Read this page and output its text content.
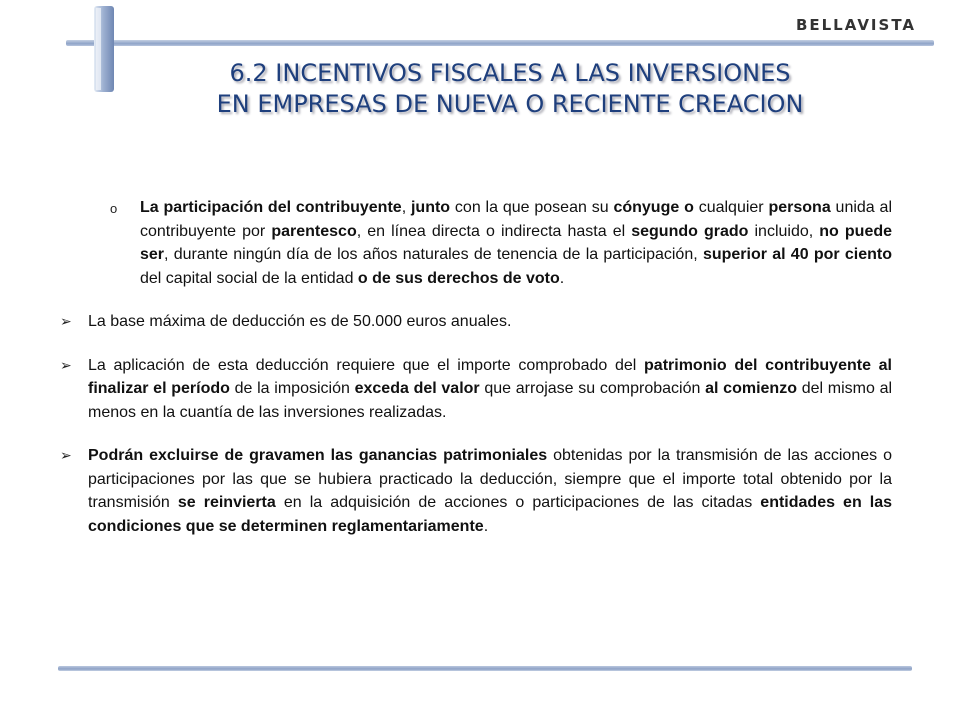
BELLAVISTA
6.2 INCENTIVOS FISCALES A LAS INVERSIONES
EN EMPRESAS DE NUEVA O RECIENTE CREACION
o La participación del contribuyente, junto con la que posean su cónyuge o cualquier persona unida al contribuyente por parentesco, en línea directa o indirecta hasta el segundo grado incluido, no puede ser, durante ningún día de los años naturales de tenencia de la participación, superior al 40 por ciento del capital social de la entidad o de sus derechos de voto.
➢ La base máxima de deducción es de 50.000 euros anuales.
➢ La aplicación de esta deducción requiere que el importe comprobado del patrimonio del contribuyente al finalizar el período de la imposición exceda del valor que arrojase su comprobación al comienzo del mismo al menos en la cuantía de las inversiones realizadas.
➢ Podrán excluirse de gravamen las ganancias patrimoniales obtenidas por la transmisión de las acciones o participaciones por las que se hubiera practicado la deducción, siempre que el importe total obtenido por la transmisión se reinvierta en la adquisición de acciones o participaciones de las citadas entidades en las condiciones que se determinen reglamentariamente.
